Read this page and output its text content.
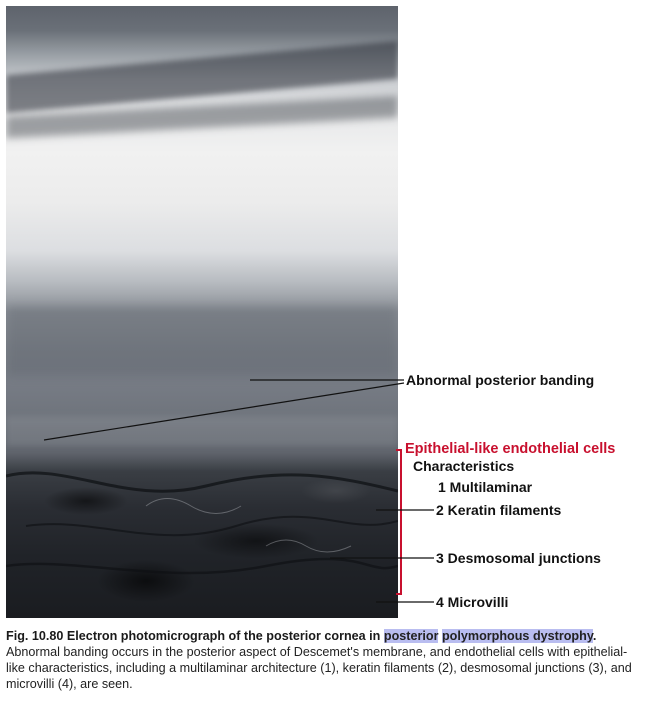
Abnormal posterior banding
Epithelial-like endothelial cells
Characteristics
1 Multilaminar
2 Keratin filaments
3 Desmosomal junctions
4 Microvilli
Fig. 10.80 Electron photomicrograph of the posterior cornea in posterior polymorphous dystrophy. Abnormal banding occurs in the posterior aspect of Descemet's membrane, and endothelial cells with epithelial-like characteristics, including a multilaminar architecture (1), keratin filaments (2), desmosomal junctions (3), and microvilli (4), are seen.
